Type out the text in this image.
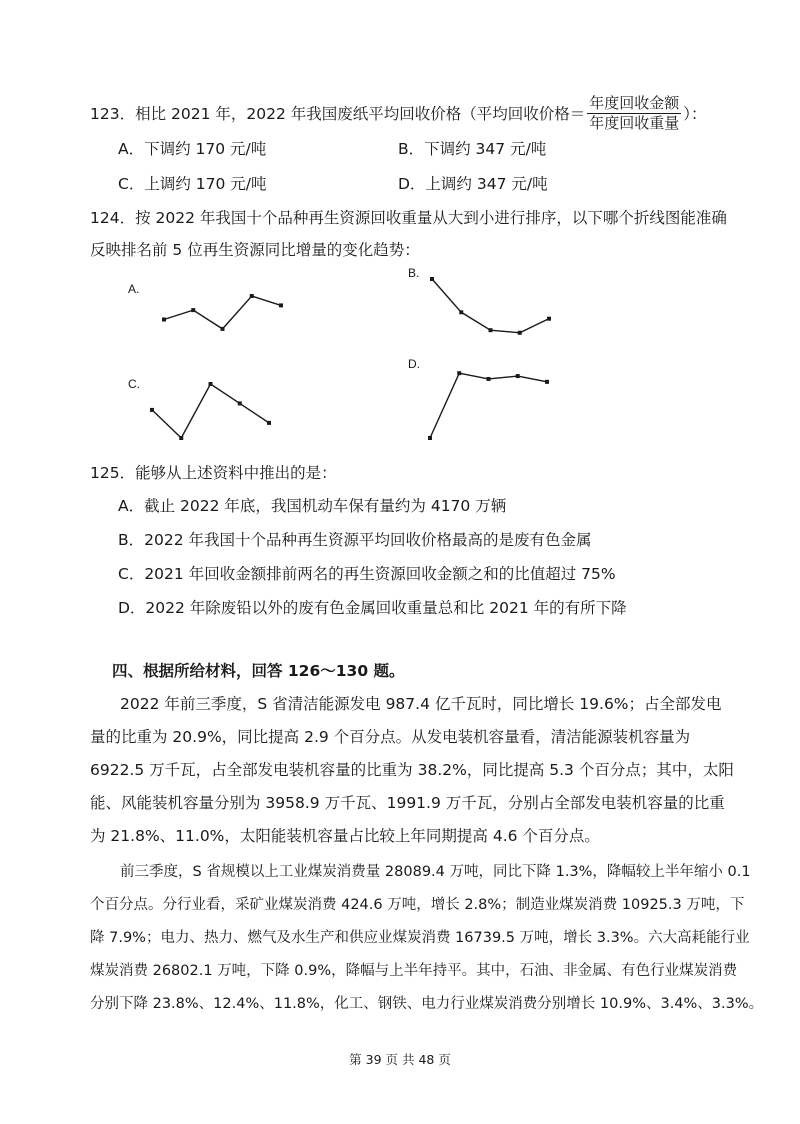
123．相比 2021 年，2022 年我国废纸平均回收价格（平均回收价格＝ $\frac{\text{年度回收金额}}{\text{年度回收重量}}$ ）：
A．下调约 170 元/吨	B．下调约 347 元/吨
C．上调约 170 元/吨	D．上调约 347 元/吨
124．按 2022 年我国十个品种再生资源回收重量从大到小进行排序，以下哪个折线图能准确
反映排名前 5 位再生资源同比增量的变化趋势：
A.
B.
C.
D.
125．能够从上述资料中推出的是：
A．截止 2022 年底，我国机动车保有量约为 4170 万辆
B．2022 年我国十个品种再生资源平均回收价格最高的是废有色金属
C．2021 年回收金额排前两名的再生资源回收金额之和的比值超过 75%
D．2022 年除废铅以外的废有色金属回收重量总和比 2021 年的有所下降
四、根据所给材料，回答 126～130 题。
2022 年前三季度，S 省清洁能源发电 987.4 亿千瓦时，同比增长 19.6%；占全部发电
量的比重为 20.9%，同比提高 2.9 个百分点。从发电装机容量看，清洁能源装机容量为
6922.5 万千瓦，占全部发电装机容量的比重为 38.2%，同比提高 5.3 个百分点；其中，太阳
能、风能装机容量分别为 3958.9 万千瓦、1991.9 万千瓦，分别占全部发电装机容量的比重
为 21.8%、11.0%，太阳能装机容量占比较上年同期提高 4.6 个百分点。
前三季度，S 省规模以上工业煤炭消费量 28089.4 万吨，同比下降 1.3%，降幅较上半年缩小 0.1
个百分点。分行业看，采矿业煤炭消费 424.6 万吨，增长 2.8%；制造业煤炭消费 10925.3 万吨，下
降 7.9%；电力、热力、燃气及水生产和供应业煤炭消费 16739.5 万吨，增长 3.3%。六大高耗能行业
煤炭消费 26802.1 万吨，下降 0.9%，降幅与上半年持平。其中，石油、非金属、有色行业煤炭消费
分别下降 23.8%、12.4%、11.8%，化工、钢铁、电力行业煤炭消费分别增长 10.9%、3.4%、3.3%。
第 39 页 共 48 页
